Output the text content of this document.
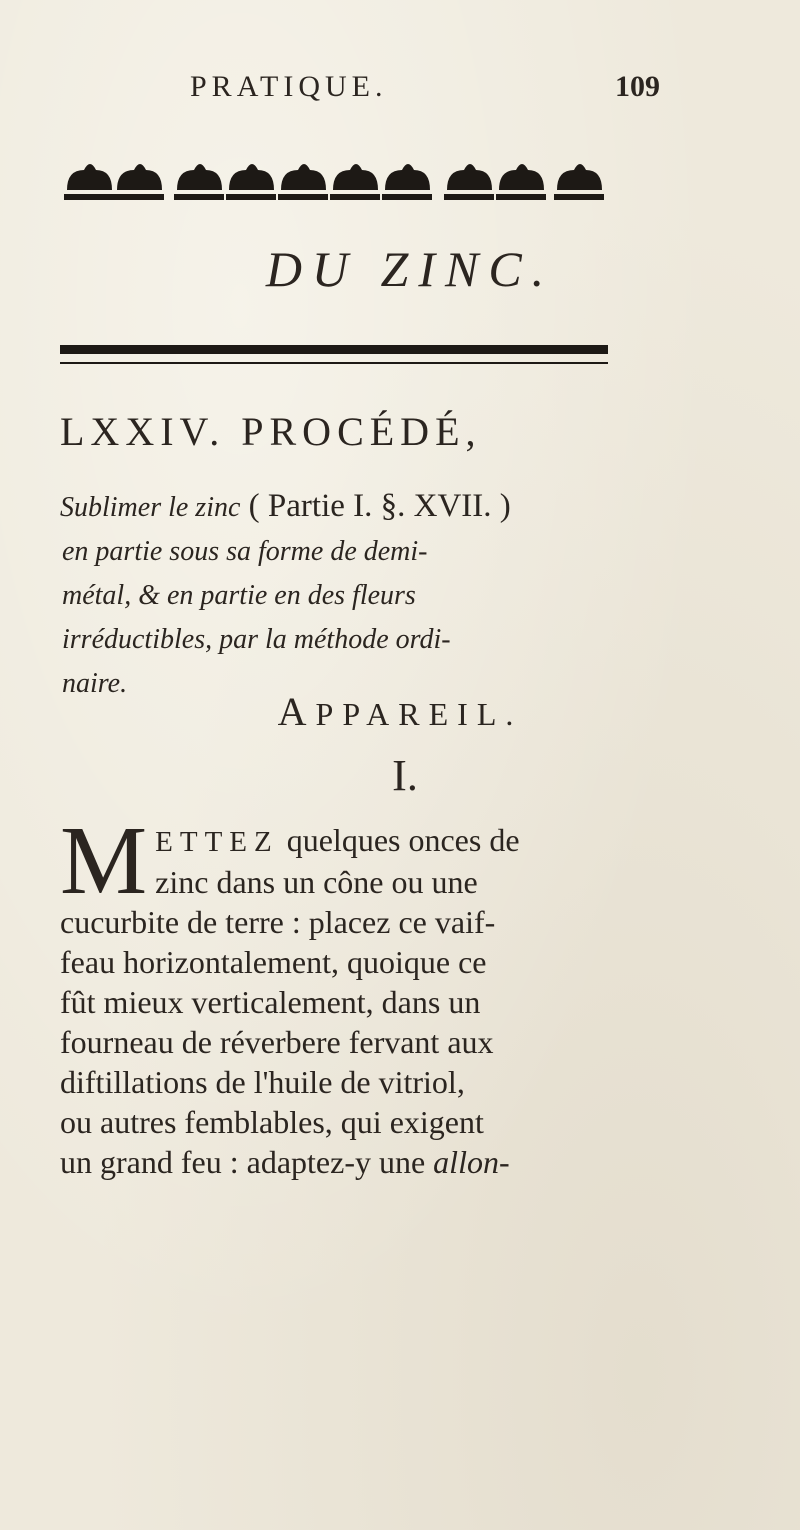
PRATIQUE.	109
DU ZINC.
LXXIV. PROCÉDÉ,
Sublimer le zinc ( Partie I. §. XVII. )
en partie sous sa forme de demi-
métal, & en partie en des fleurs
irréductibles, par la méthode ordi-
naire.
APPAREIL.
I.
M ETTEZ quelques onces de
zinc dans un cône ou une
cucurbite de terre : placez ce vaif-
feau horizontalement, quoique ce
fût mieux verticalement, dans un
fourneau de réverbere fervant aux
diftillations de l'huile de vitriol,
ou autres femblables, qui exigent
un grand feu : adaptez-y une allon-
